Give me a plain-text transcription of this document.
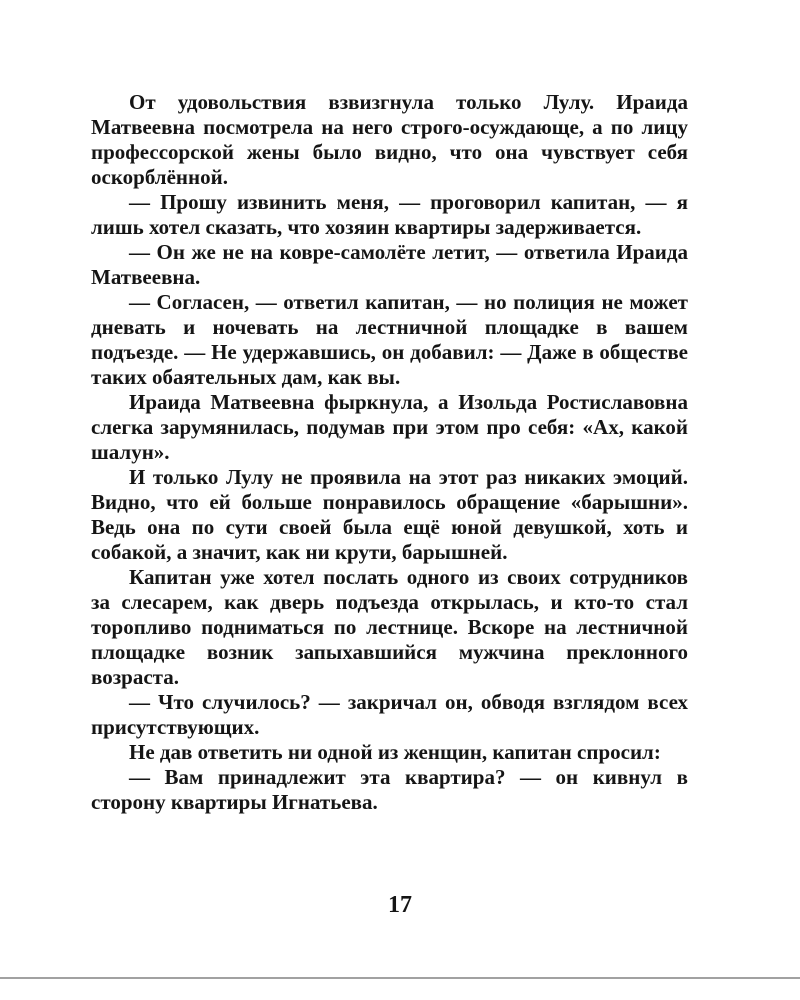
От удовольствия взвизгнула только Лулу. Ираида Матвеевна посмотрела на него строго-осуждающе, а по лицу профессорской жены было видно, что она чувствует себя оскорблённой.

— Прошу извинить меня, — проговорил капитан, — я лишь хотел сказать, что хозяин квартиры задерживается.

— Он же не на ковре-самолёте летит, — ответила Ираида Матвеевна.

— Согласен, — ответил капитан, — но полиция не может дневать и ночевать на лестничной площадке в вашем подъезде. — Не удержавшись, он добавил: — Даже в обществе таких обаятельных дам, как вы.

Ираида Матвеевна фыркнула, а Изольда Ростиславовна слегка зарумянилась, подумав при этом про себя: «Ах, какой шалун».

И только Лулу не проявила на этот раз никаких эмоций. Видно, что ей больше понравилось обращение «барышни». Ведь она по сути своей была ещё юной девушкой, хоть и собакой, а значит, как ни крути, барышней.

Капитан уже хотел послать одного из своих сотрудников за слесарем, как дверь подъезда открылась, и кто-то стал торопливо подниматься по лестнице. Вскоре на лестничной площадке возник запыхавшийся мужчина преклонного возраста.

— Что случилось? — закричал он, обводя взглядом всех присутствующих.

Не дав ответить ни одной из женщин, капитан спросил:

— Вам принадлежит эта квартира? — он кивнул в сторону квартиры Игнатьева.

17
